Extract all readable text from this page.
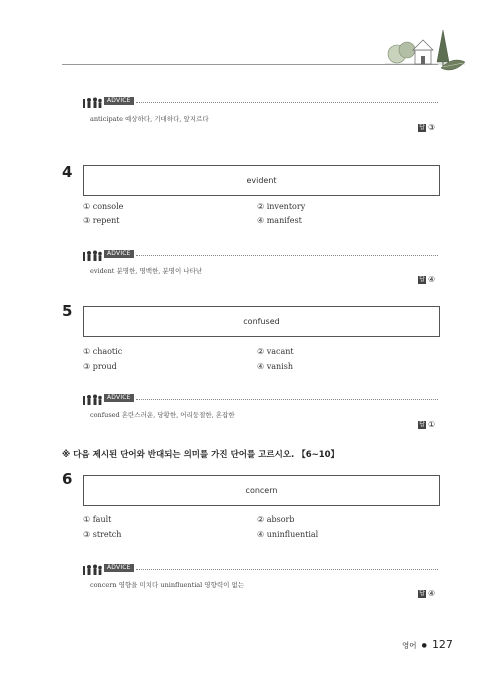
ADVICE
anticipate 예상하다, 기대하다, 앞지르다
답 ③
4	evident
① console	② inventory
③ repent	④ manifest
ADVICE
evident 분명한, 명백한, 분명이 나타난
답 ④
5
confused
① chaotic	② vacant
③ proud	④ vanish
ADVICE
confused 혼란스러운, 당황한, 어리둥절한, 혼잡한
답 ①
※ 다음 제시된 단어와 반대되는 의미를 가진 단어를 고르시오. 【6~10】
6
concern
① fault	② absorb
③ stretch	④ uninfluential
ADVICE
concern 영향을 미치다 uninfluential 영향력이 없는
답 ④
영어 ● 127
